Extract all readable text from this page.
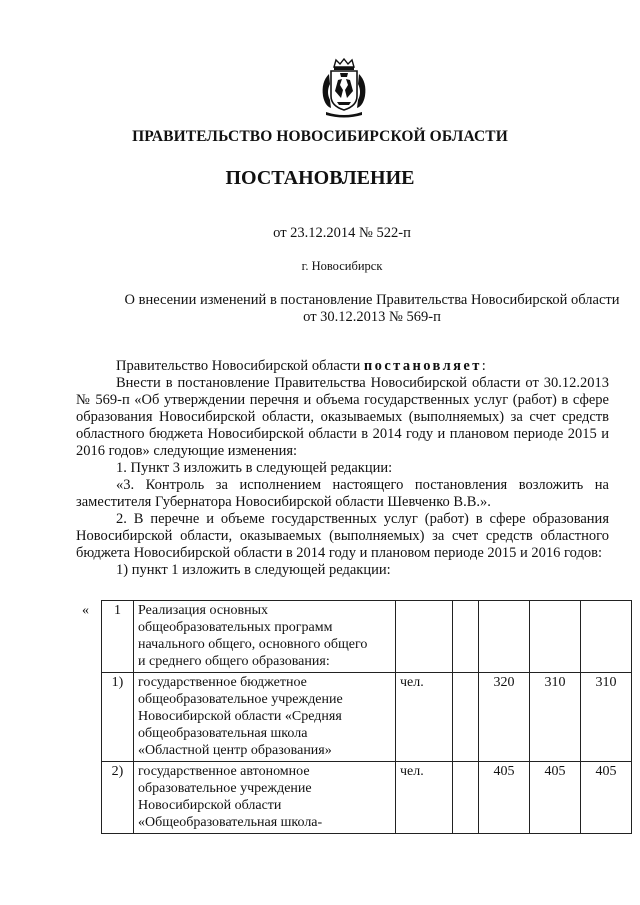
ПРАВИТЕЛЬСТВО НОВОСИБИРСКОЙ ОБЛАСТИ
ПОСТАНОВЛЕНИЕ
от 23.12.2014 № 522-п
г. Новосибирск
О внесении изменений в постановление Правительства Новосибирской области
от 30.12.2013 № 569-п

Правительство Новосибирской области постановляет:

Внести в постановление Правительства Новосибирской области от 30.12.2013 № 569-п «Об утверждении перечня и объема государственных услуг (работ) в сфере образования Новосибирской области, оказываемых (выполняемых) за счет средств областного бюджета Новосибирской области в 2014 году и плановом периоде 2015 и 2016 годов» следующие изменения:

1. Пункт 3 изложить в следующей редакции:

«3. Контроль за исполнением настоящего постановления возложить на заместителя Губернатора Новосибирской области Шевченко В.В.».

2. В перечне и объеме государственных услуг (работ) в сфере образования Новосибирской области, оказываемых (выполняемых) за счет средств областного бюджета Новосибирской области в 2014 году и плановом периоде 2015 и 2016 годов:

1) пункт 1 изложить в следующей редакции:

« 1	Реализация основных
общеобразовательных программ
начального общего, основного общего
и среднего общего образования:					

1)	государственное бюджетное
общеобразовательное учреждение
Новосибирской области «Средняя
общеобразовательная школа
«Областной центр образования»	чел.		320	310	310
2)	государственное автономное
образовательное учреждение
Новосибирской области
«Общеобразовательная школа-	чел.		405	405	405
